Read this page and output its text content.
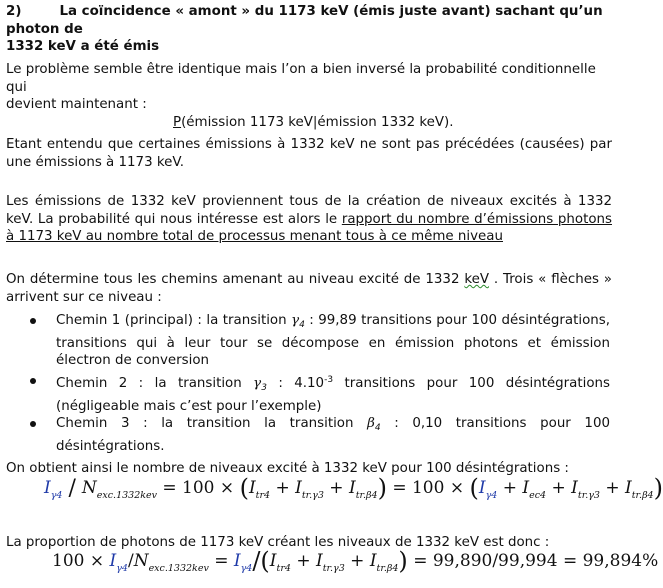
2)	La coïncidence « amont » du 1173 keV (émis juste avant) sachant qu’un photon de
1332 keV a été émis
Le problème semble être identique mais l’on a bien inversé la probabilité conditionnelle qui
devient maintenant :
P(émission 1173 keV|émission 1332 keV).
Etant entendu que certaines émissions à 1332 keV ne sont pas précédées (causées) par une émissions à 1173 keV.
Les émissions de 1332 keV proviennent tous de la création de niveaux excités à 1332 keV. La probabilité qui nous intéresse est alors le rapport du nombre d’émissions photons à 1173 keV au nombre total de processus menant tous à ce même niveau
On détermine tous les chemins amenant au niveau excité de 1332 keV . Trois « flèches » arrivent sur ce niveau :
Chemin 1 (principal) : la transition $\gamma_4$ : 99,89 transitions pour 100 désintégrations, transitions qui à leur tour se décompose en émission photons et émission électron de conversion
Chemin 2 : la transition $\gamma_3$ : $4.10^{-3}$ transitions pour 100 désintégrations (négligeable mais c’est pour l’exemple)
Chemin 3 : la transition la transition $\beta_4$ : 0,10 transitions pour 100 désintégrations.
On obtient ainsi le nombre de niveaux excité à 1332 keV pour 100 désintégrations :
$I_{\gamma 4} / N_{exc.1332kev} = 100 \times (I_{tr4} + I_{tr.\gamma 3} + I_{tr.\beta 4}) = 100 \times (I_{\gamma 4} + I_{ec4} + I_{tr.\gamma 3} + I_{tr.\beta 4})$
La proportion de photons de 1173 keV créant les niveaux de 1332 keV est donc :
$100 \times I_{\gamma 4}/N_{exc.1332kev} = I_{\gamma 4}/(I_{tr4} + I_{tr.\gamma 3} + I_{tr.\beta 4}) = 99,890/99,994 = 99,894\%$
